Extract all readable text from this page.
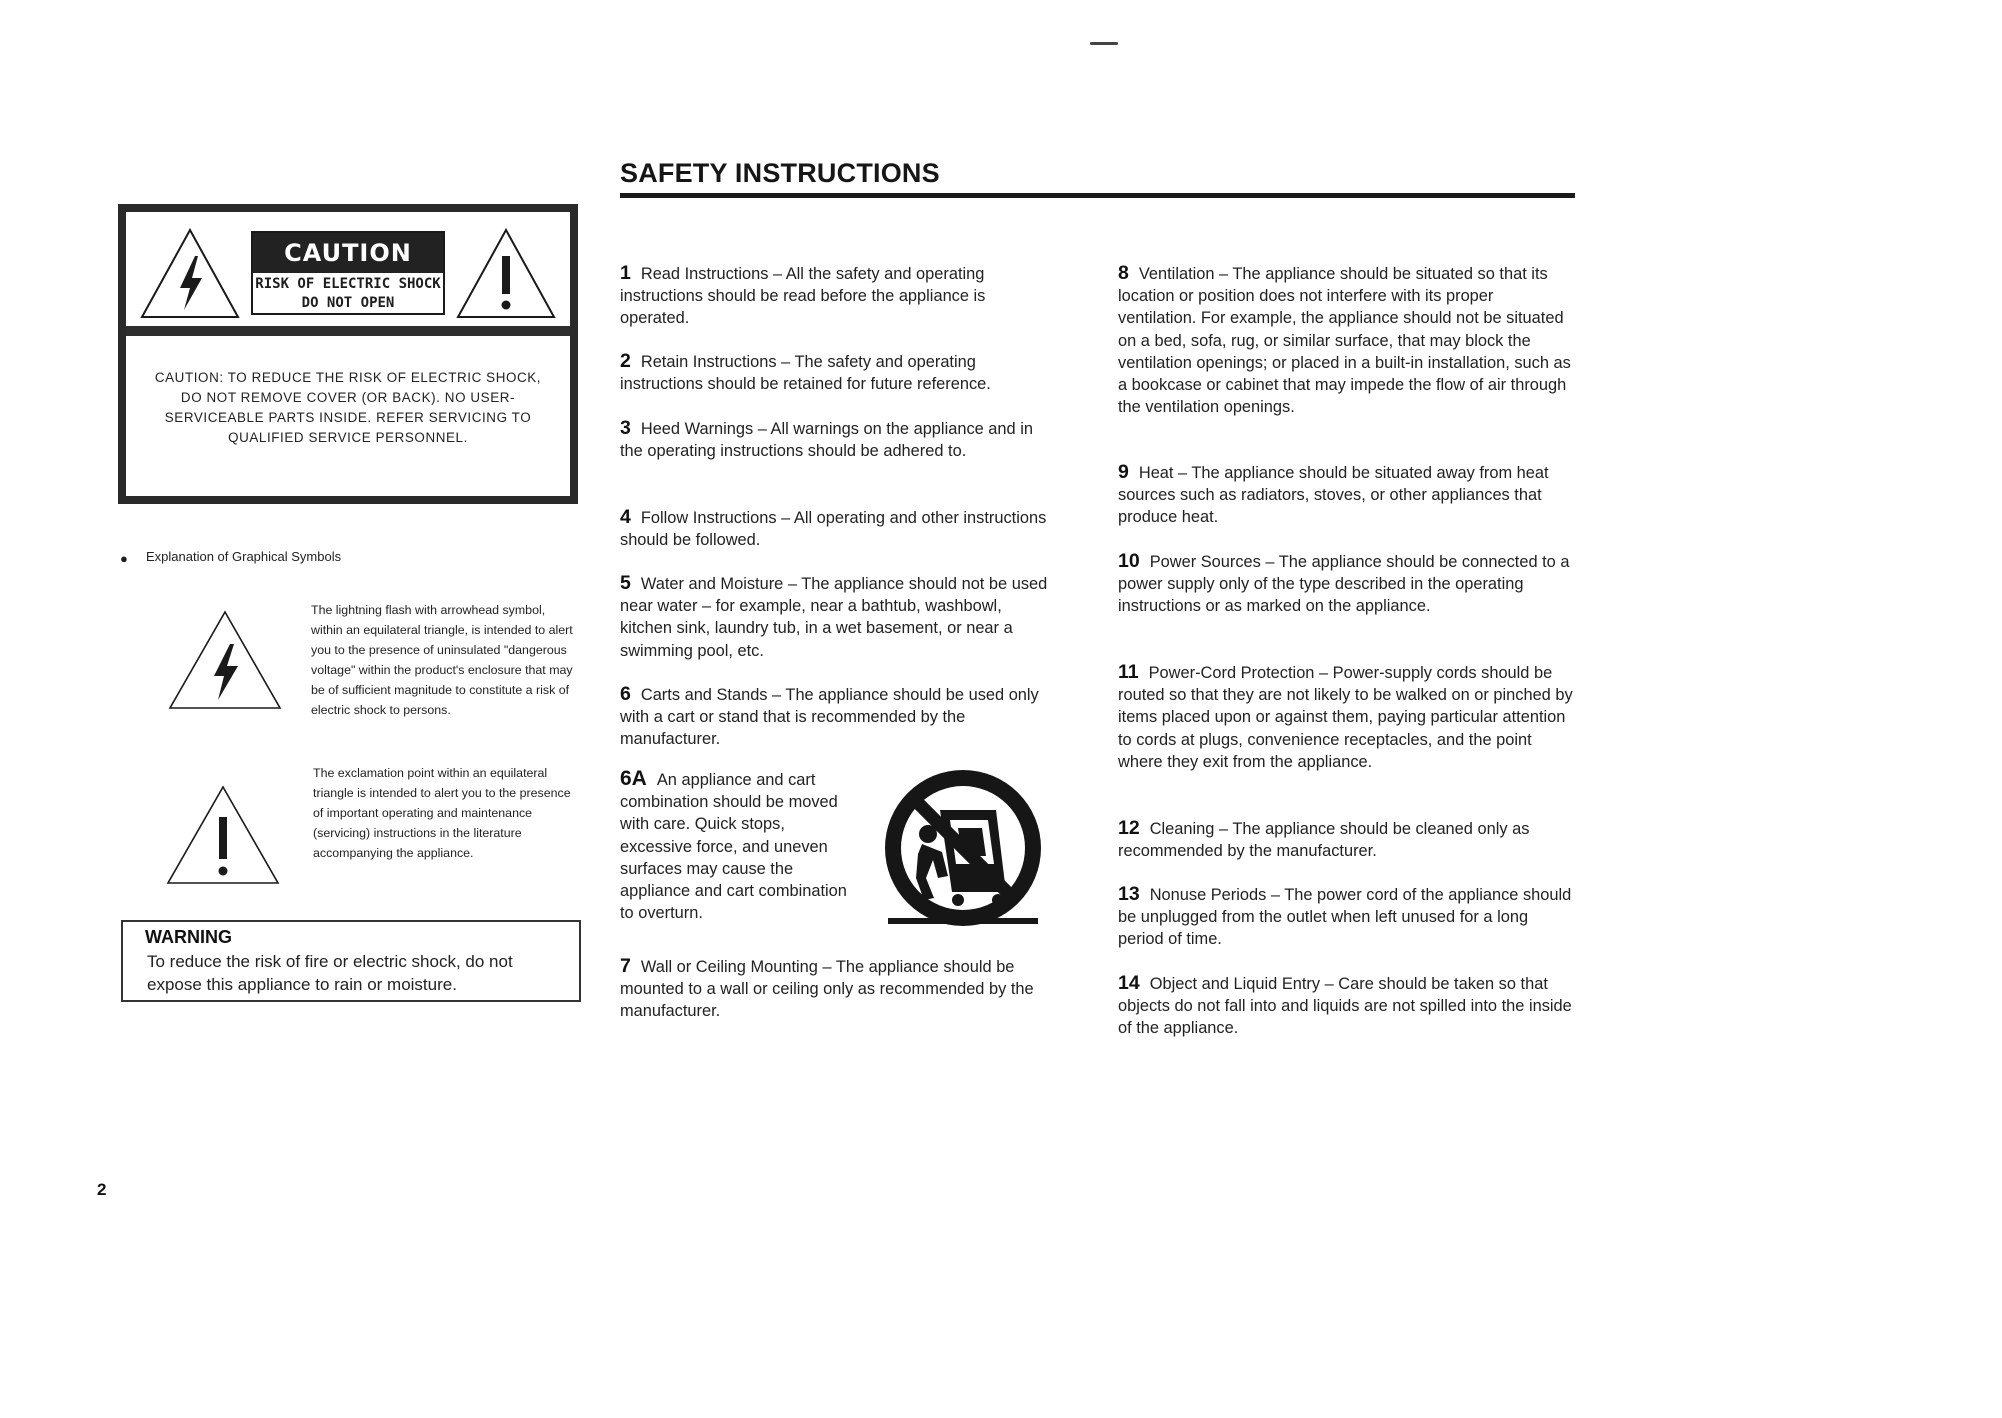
SAFETY INSTRUCTIONS
CAUTION
RISK OF ELECTRIC SHOCK
DO NOT OPEN
CAUTION: TO REDUCE THE RISK OF ELECTRIC SHOCK, DO NOT REMOVE COVER (OR BACK). NO USER-SERVICEABLE PARTS INSIDE. REFER SERVICING TO QUALIFIED SERVICE PERSONNEL.
● Explanation of Graphical Symbols
The lightning flash with arrowhead symbol, within an equilateral triangle, is intended to alert you to the presence of uninsulated "dangerous voltage" within the product's enclosure that may be of sufficient magnitude to constitute a risk of electric shock to persons.
The exclamation point within an equilateral triangle is intended to alert you to the presence of important operating and maintenance (servicing) instructions in the literature accompanying the appliance.
WARNING
To reduce the risk of fire or electric shock, do not expose this appliance to rain or moisture.
1 Read Instructions – All the safety and operating instructions should be read before the appliance is operated.
2 Retain Instructions – The safety and operating instructions should be retained for future reference.
3 Heed Warnings – All warnings on the appliance and in the operating instructions should be adhered to.
4 Follow Instructions – All operating and other instructions should be followed.
5 Water and Moisture – The appliance should not be used near water – for example, near a bathtub, washbowl, kitchen sink, laundry tub, in a wet basement, or near a swimming pool, etc.
6 Carts and Stands – The appliance should be used only with a cart or stand that is recommended by the manufacturer.
6A An appliance and cart combination should be moved with care. Quick stops, excessive force, and uneven surfaces may cause the appliance and cart combination to overturn.
7 Wall or Ceiling Mounting – The appliance should be mounted to a wall or ceiling only as recommended by the manufacturer.
8 Ventilation – The appliance should be situated so that its location or position does not interfere with its proper ventilation. For example, the appliance should not be situated on a bed, sofa, rug, or similar surface, that may block the ventilation openings; or placed in a built-in installation, such as a bookcase or cabinet that may impede the flow of air through the ventilation openings.
9 Heat – The appliance should be situated away from heat sources such as radiators, stoves, or other appliances that produce heat.
10 Power Sources – The appliance should be connected to a power supply only of the type described in the operating instructions or as marked on the appliance.
11 Power-Cord Protection – Power-supply cords should be routed so that they are not likely to be walked on or pinched by items placed upon or against them, paying particular attention to cords at plugs, convenience receptacles, and the point where they exit from the appliance.
12 Cleaning – The appliance should be cleaned only as recommended by the manufacturer.
13 Nonuse Periods – The power cord of the appliance should be unplugged from the outlet when left unused for a long period of time.
14 Object and Liquid Entry – Care should be taken so that objects do not fall into and liquids are not spilled into the inside of the appliance.
2
